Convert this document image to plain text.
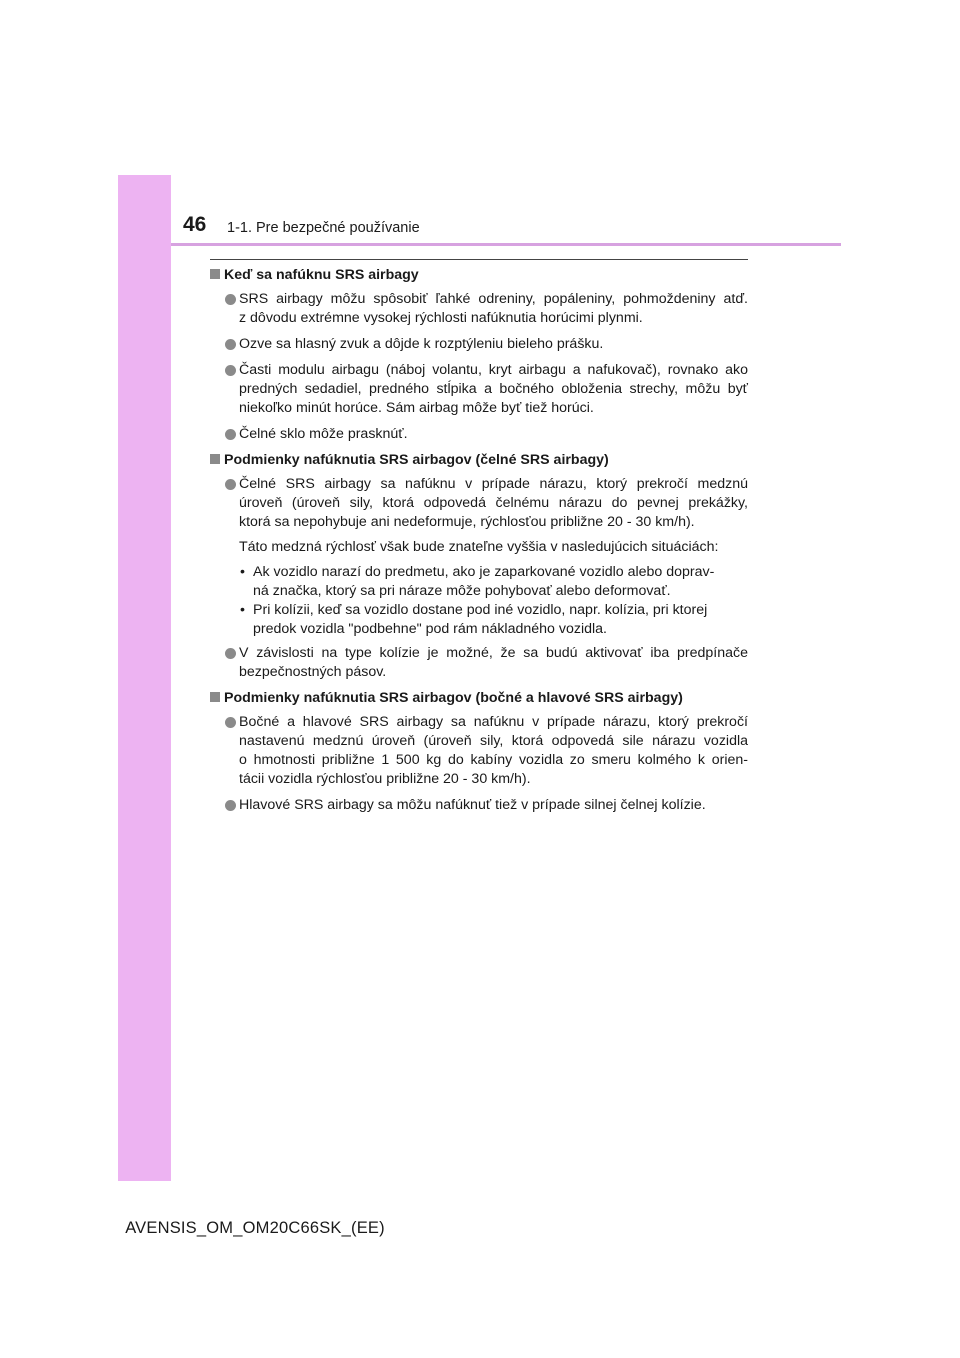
46 1-1. Pre bezpečné používanie
Keď sa nafúknu SRS airbagy
SRS airbagy môžu spôsobiť ľahké odreniny, popáleniny, pohmoždeniny atď.
z dôvodu extrémne vysokej rýchlosti nafúknutia horúcimi plynmi.
Ozve sa hlasný zvuk a dôjde k rozptýleniu bieleho prášku.
Časti modulu airbagu (náboj volantu, kryt airbagu a nafukovač), rovnako ako
predných sedadiel, predného stĺpika a bočného obloženia strechy, môžu byť
niekoľko minút horúce. Sám airbag môže byť tiež horúci.
Čelné sklo môže prasknúť.
Podmienky nafúknutia SRS airbagov (čelné SRS airbagy)
Čelné SRS airbagy sa nafúknu v prípade nárazu, ktorý prekročí medznú
úroveň (úroveň sily, ktorá odpovedá čelnému nárazu do pevnej prekážky,
ktorá sa nepohybuje ani nedeformuje, rýchlosťou približne 20 - 30 km/h).
Táto medzná rýchlosť však bude znateľne vyššia v nasledujúcich situáciách:
• Ak vozidlo narazí do predmetu, ako je zaparkované vozidlo alebo doprav-
ná značka, ktorý sa pri náraze môže pohybovať alebo deformovať.
• Pri kolízii, keď sa vozidlo dostane pod iné vozidlo, napr. kolízia, pri ktorej
predok vozidla "podbehne" pod rám nákladného vozidla.
V závislosti na type kolízie je možné, že sa budú aktivovať iba predpínače
bezpečnostných pásov.
Podmienky nafúknutia SRS airbagov (bočné a hlavové SRS airbagy)
Bočné a hlavové SRS airbagy sa nafúknu v prípade nárazu, ktorý prekročí
nastavenú medznú úroveň (úroveň sily, ktorá odpovedá sile nárazu vozidla
o hmotnosti približne 1 500 kg do kabíny vozidla zo smeru kolmého k orien-
tácii vozidla rýchlosťou približne 20 - 30 km/h).
Hlavové SRS airbagy sa môžu nafúknuť tiež v prípade silnej čelnej kolízie.
AVENSIS_OM_OM20C66SK_(EE)
